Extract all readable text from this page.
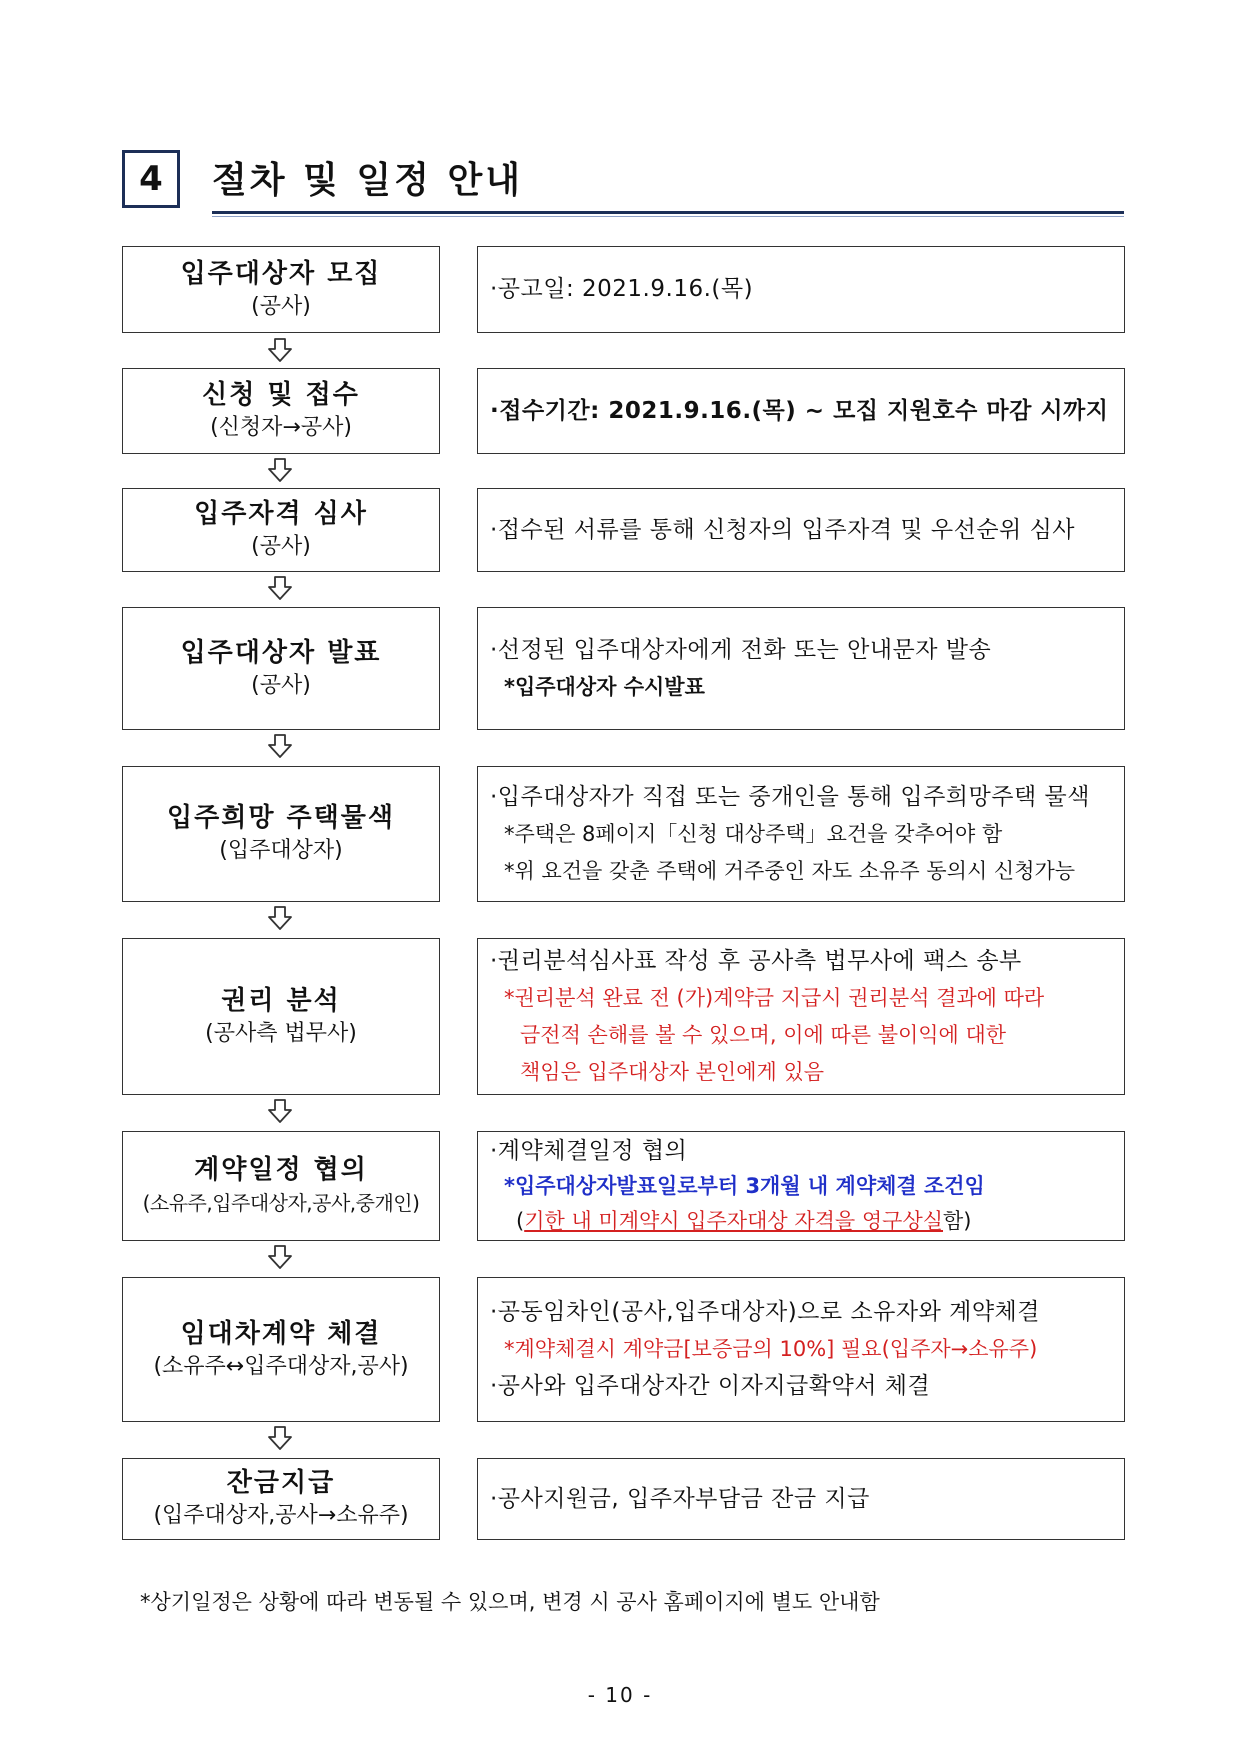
4	절차 및 일정 안내
입주대상자 모집
(공사)
·공고일: 2021.9.16.(목)
신청 및 접수
(신청자→공사)
·접수기간: 2021.9.16.(목) ~ 모집 지원호수 마감 시까지
입주자격 심사
(공사)
·접수된 서류를 통해 신청자의 입주자격 및 우선순위 심사
입주대상자 발표
(공사)
·선정된 입주대상자에게 전화 또는 안내문자 발송
*입주대상자 수시발표
입주희망 주택물색
(입주대상자)
·입주대상자가 직접 또는 중개인을 통해 입주희망주택 물색
*주택은 8페이지「신청 대상주택」요건을 갖추어야 함
*위 요건을 갖춘 주택에 거주중인 자도 소유주 동의시 신청가능
권리 분석
(공사측 법무사)
·권리분석심사표 작성 후 공사측 법무사에 팩스 송부
*권리분석 완료 전 (가)계약금 지급시 권리분석 결과에 따라
금전적 손해를 볼 수 있으며, 이에 따른 불이익에 대한
책임은 입주대상자 본인에게 있음
계약일정 협의
(소유주,입주대상자,공사,중개인)
·계약체결일정 협의
*입주대상자발표일로부터 3개월 내 계약체결 조건임
(기한 내 미계약시 입주자대상 자격을 영구상실함)
임대차계약 체결
(소유주↔입주대상자,공사)
·공동임차인(공사,입주대상자)으로 소유자와 계약체결
*계약체결시 계약금[보증금의 10%] 필요(입주자→소유주)
·공사와 입주대상자간 이자지급확약서 체결
잔금지급
(입주대상자,공사→소유주)
·공사지원금, 입주자부담금 잔금 지급
*상기일정은 상황에 따라 변동될 수 있으며, 변경 시 공사 홈페이지에 별도 안내함
- 10 -
